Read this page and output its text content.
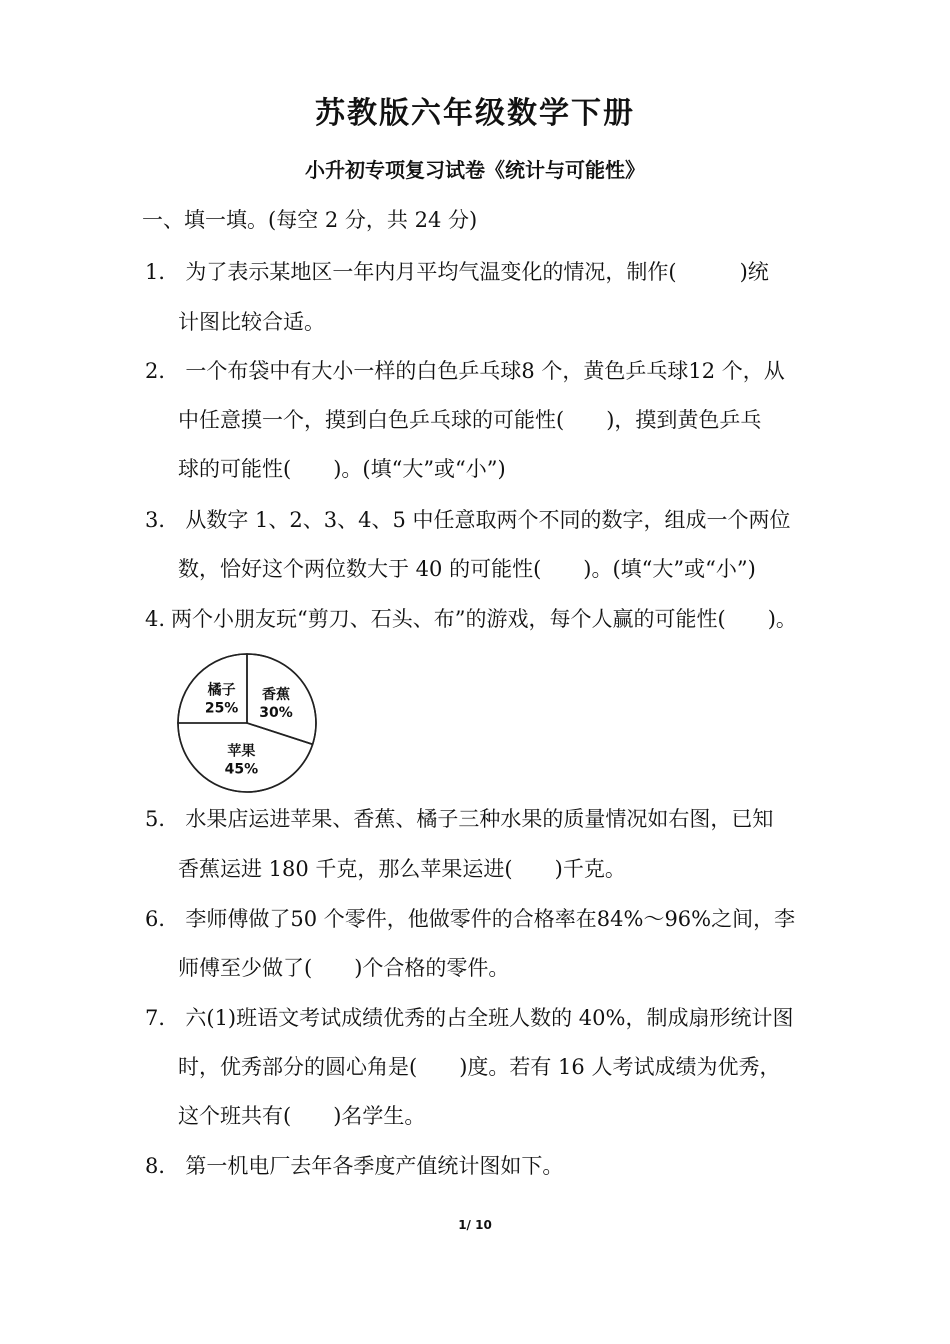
苏教版六年级数学下册
小升初专项复习试卷《统计与可能性》

一、填一填。(每空 2 分，共 24 分)

1． 为了表示某地区一年内月平均气温变化的情况，制作(　　　)统

计图比较合适。

2． 一个布袋中有大小一样的白色乒乓球8 个，黄色乒乓球12 个，从

中任意摸一个，摸到白色乒乓球的可能性(　　)，摸到黄色乒乓

球的可能性(　　)。(填“大”或“小”)

3． 从数字 1、2、3、4、5 中任意取两个不同的数字，组成一个两位

数，恰好这个两位数大于 40 的可能性(　　)。(填“大”或“小”)

4. 两个小朋友玩“剪刀、石头、布”的游戏，每个人赢的可能性(　　)。

橘子
25%
香蕉
30%
苹果
45%

5． 水果店运进苹果、香蕉、橘子三种水果的质量情况如右图，已知

香蕉运进 180 千克，那么苹果运进(　　)千克。

6． 李师傅做了50 个零件，他做零件的合格率在84%～96%之间，李

师傅至少做了(　　)个合格的零件。

7． 六(1)班语文考试成绩优秀的占全班人数的 40%，制成扇形统计图

时，优秀部分的圆心角是(　　)度。若有 16 人考试成绩为优秀，

这个班共有(　　)名学生。

8． 第一机电厂去年各季度产值统计图如下。

1/ 10
